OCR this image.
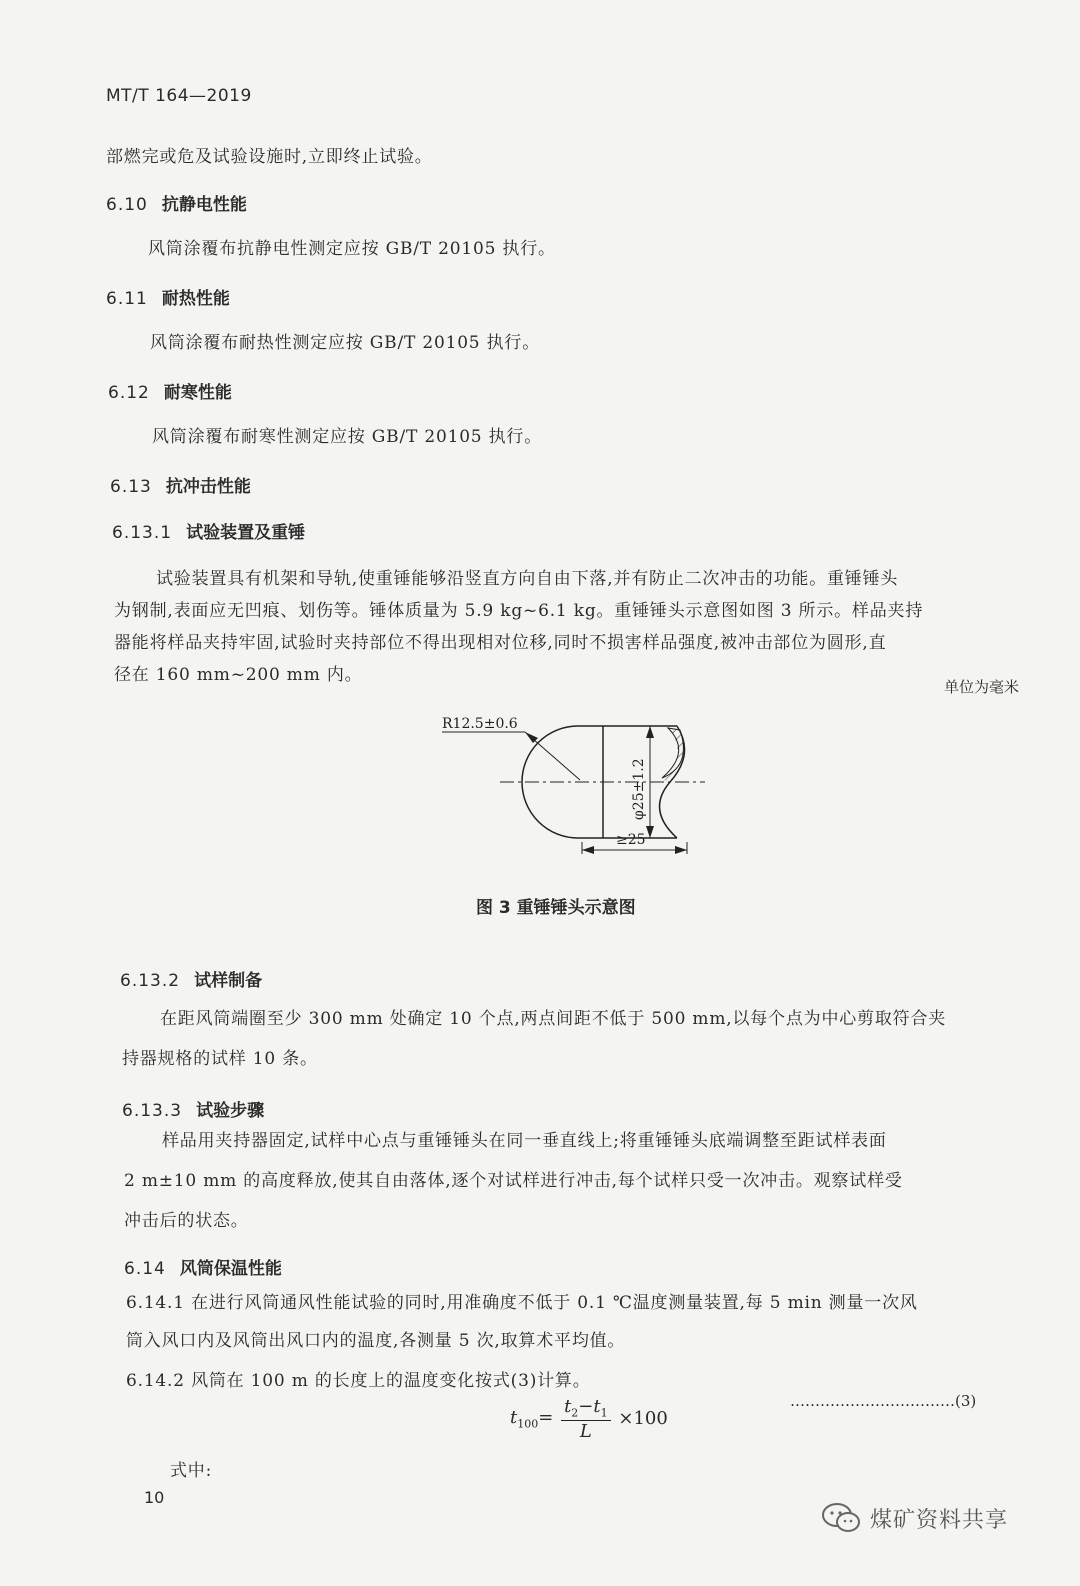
MT/T 164—2019
部燃完或危及试验设施时,立即终止试验。
6.10 抗静电性能
风筒涂覆布抗静电性测定应按 GB/T 20105 执行。
6.11 耐热性能
风筒涂覆布耐热性测定应按 GB/T 20105 执行。
6.12 耐寒性能
风筒涂覆布耐寒性测定应按 GB/T 20105 执行。
6.13 抗冲击性能
6.13.1 试验装置及重锤
试验装置具有机架和导轨,使重锤能够沿竖直方向自由下落,并有防止二次冲击的功能。重锤锤头
为钢制,表面应无凹痕、划伤等。锤体质量为 5.9 kg~6.1 kg。重锤锤头示意图如图 3 所示。样品夹持
器能将样品夹持牢固,试验时夹持部位不得出现相对位移,同时不损害样品强度,被冲击部位为圆形,直
径在 160 mm~200 mm 内。
单位为毫米
R12.5±0.6
φ25±1.2
≥25
图 3 重锤锤头示意图
6.13.2 试样制备
在距风筒端圈至少 300 mm 处确定 10 个点,两点间距不低于 500 mm,以每个点为中心剪取符合夹
持器规格的试样 10 条。
6.13.3 试验步骤
样品用夹持器固定,试样中心点与重锤锤头在同一垂直线上;将重锤锤头底端调整至距试样表面
2 m±10 mm 的高度释放,使其自由落体,逐个对试样进行冲击,每个试样只受一次冲击。观察试样受
冲击后的状态。
6.14 风筒保温性能
6.14.1 在进行风筒通风性能试验的同时,用准确度不低于 0.1 ℃温度测量装置,每 5 min 测量一次风
筒入风口内及风筒出风口内的温度,各测量 5 次,取算术平均值。
6.14.2 风筒在 100 m 的长度上的温度变化按式(3)计算。
$t_{100}= \frac{t_2-t_1}{L} \times 100$
……………………………(3)
式中:
10
煤矿资料共享
